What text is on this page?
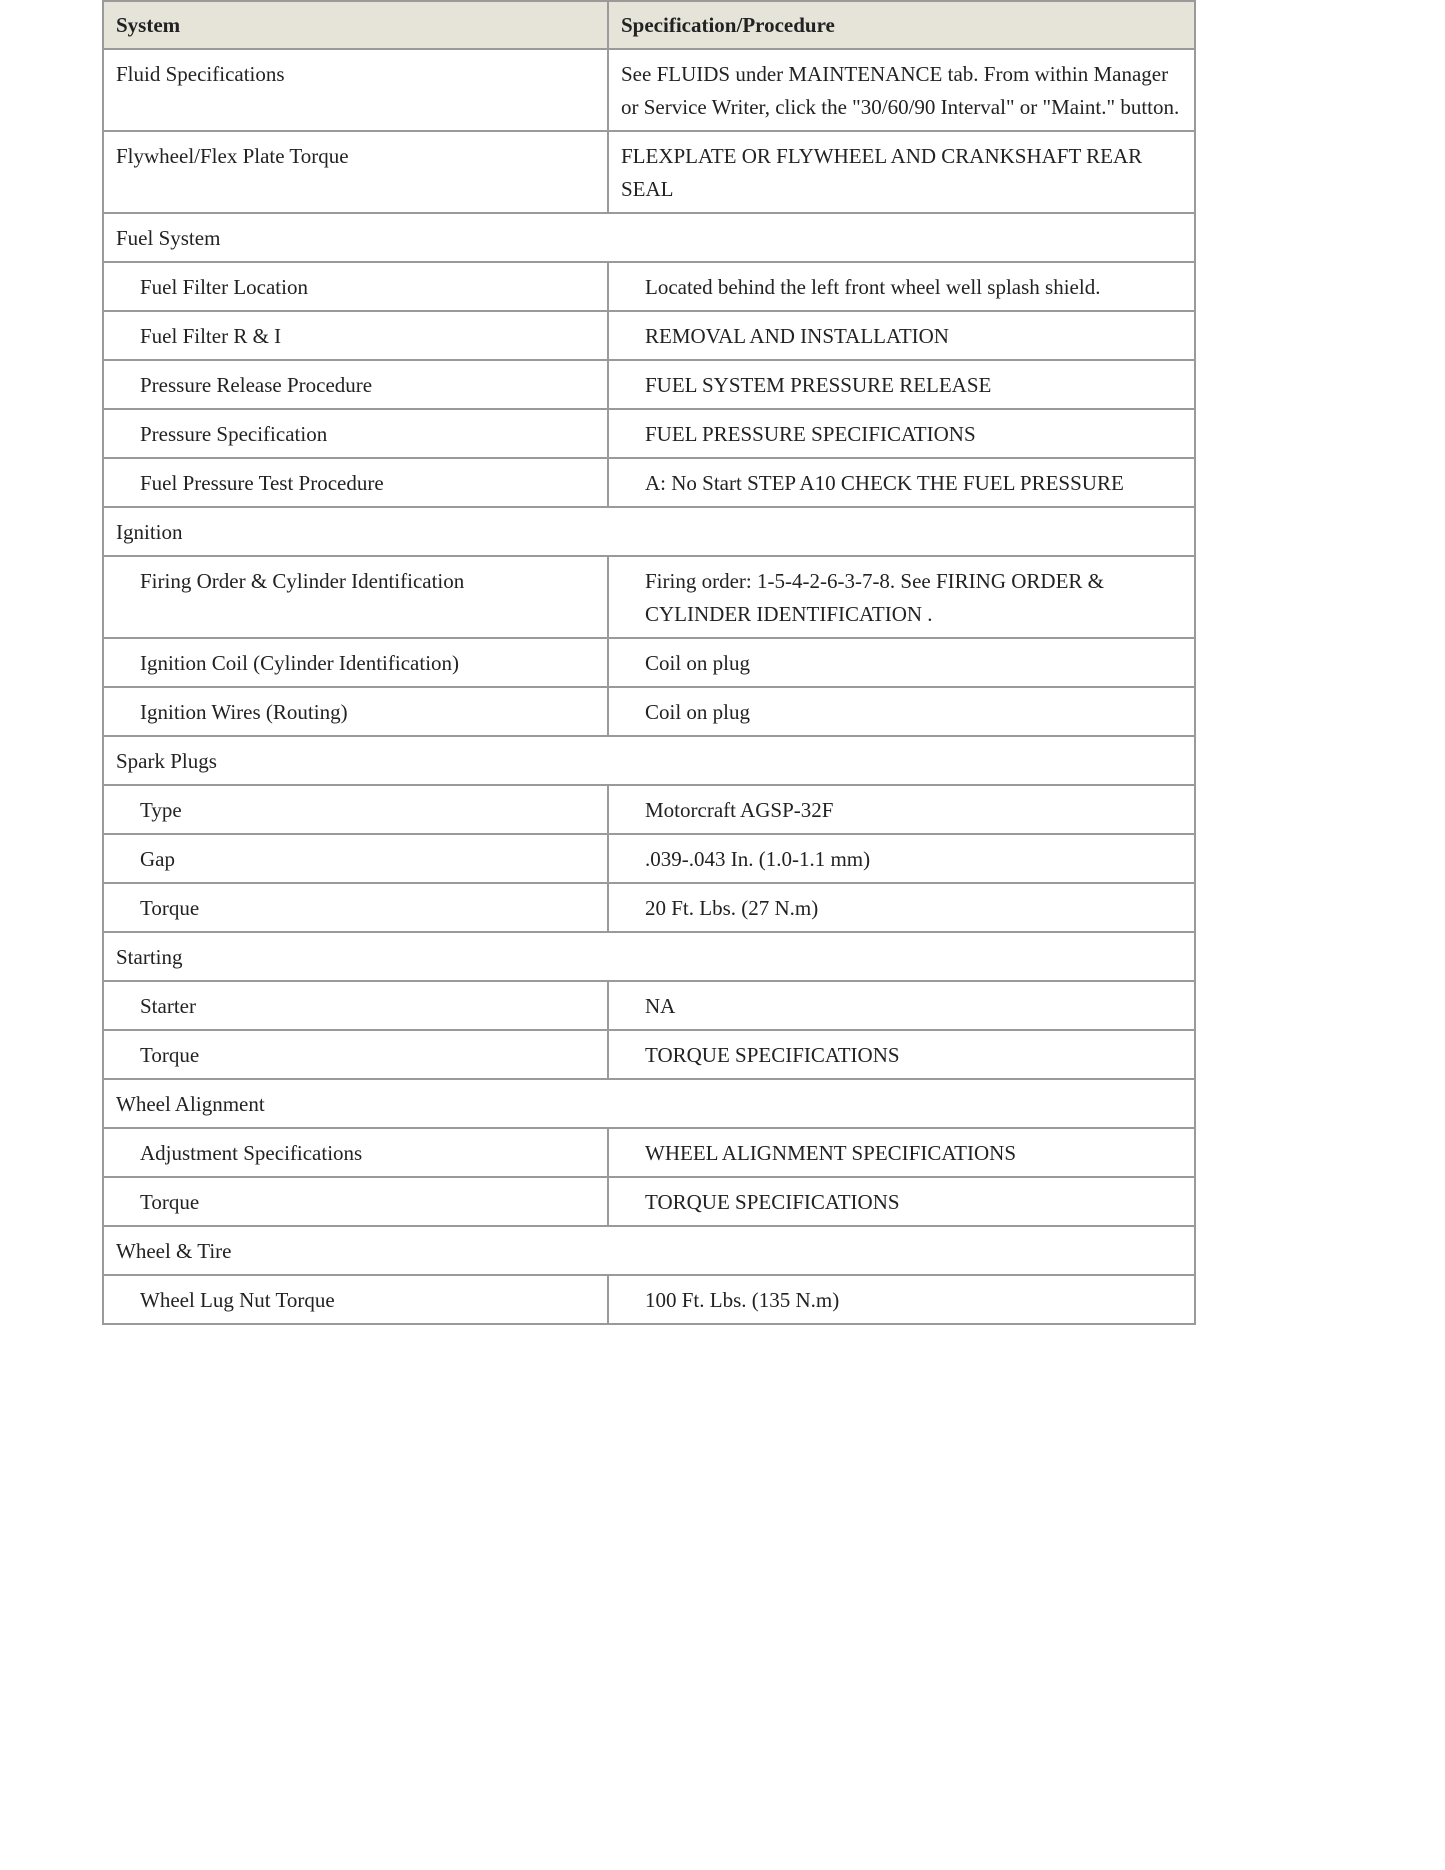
System	Specification/Procedure
Fluid Specifications	See FLUIDS under MAINTENANCE tab. From within Manager or Service Writer, click the "30/60/90 Interval" or "Maint." button.
Flywheel/Flex Plate Torque	FLEXPLATE OR FLYWHEEL AND CRANKSHAFT REAR SEAL
Fuel System	
Fuel Filter Location	Located behind the left front wheel well splash shield.
Fuel Filter R & I	REMOVAL AND INSTALLATION
Pressure Release Procedure	FUEL SYSTEM PRESSURE RELEASE
Pressure Specification	FUEL PRESSURE SPECIFICATIONS
Fuel Pressure Test Procedure	A: No Start STEP A10 CHECK THE FUEL PRESSURE
Ignition	
Firing Order & Cylinder Identification	Firing order: 1-5-4-2-6-3-7-8. See FIRING ORDER & CYLINDER IDENTIFICATION .
Ignition Coil (Cylinder Identification)	Coil on plug
Ignition Wires (Routing)	Coil on plug
Spark Plugs	
Type	Motorcraft AGSP-32F
Gap	.039-.043 In. (1.0-1.1 mm)
Torque	20 Ft. Lbs. (27 N.m)
Starting	
Starter	NA
Torque	TORQUE SPECIFICATIONS
Wheel Alignment	
Adjustment Specifications	WHEEL ALIGNMENT SPECIFICATIONS
Torque	TORQUE SPECIFICATIONS
Wheel & Tire	
Wheel Lug Nut Torque	100 Ft. Lbs. (135 N.m)
